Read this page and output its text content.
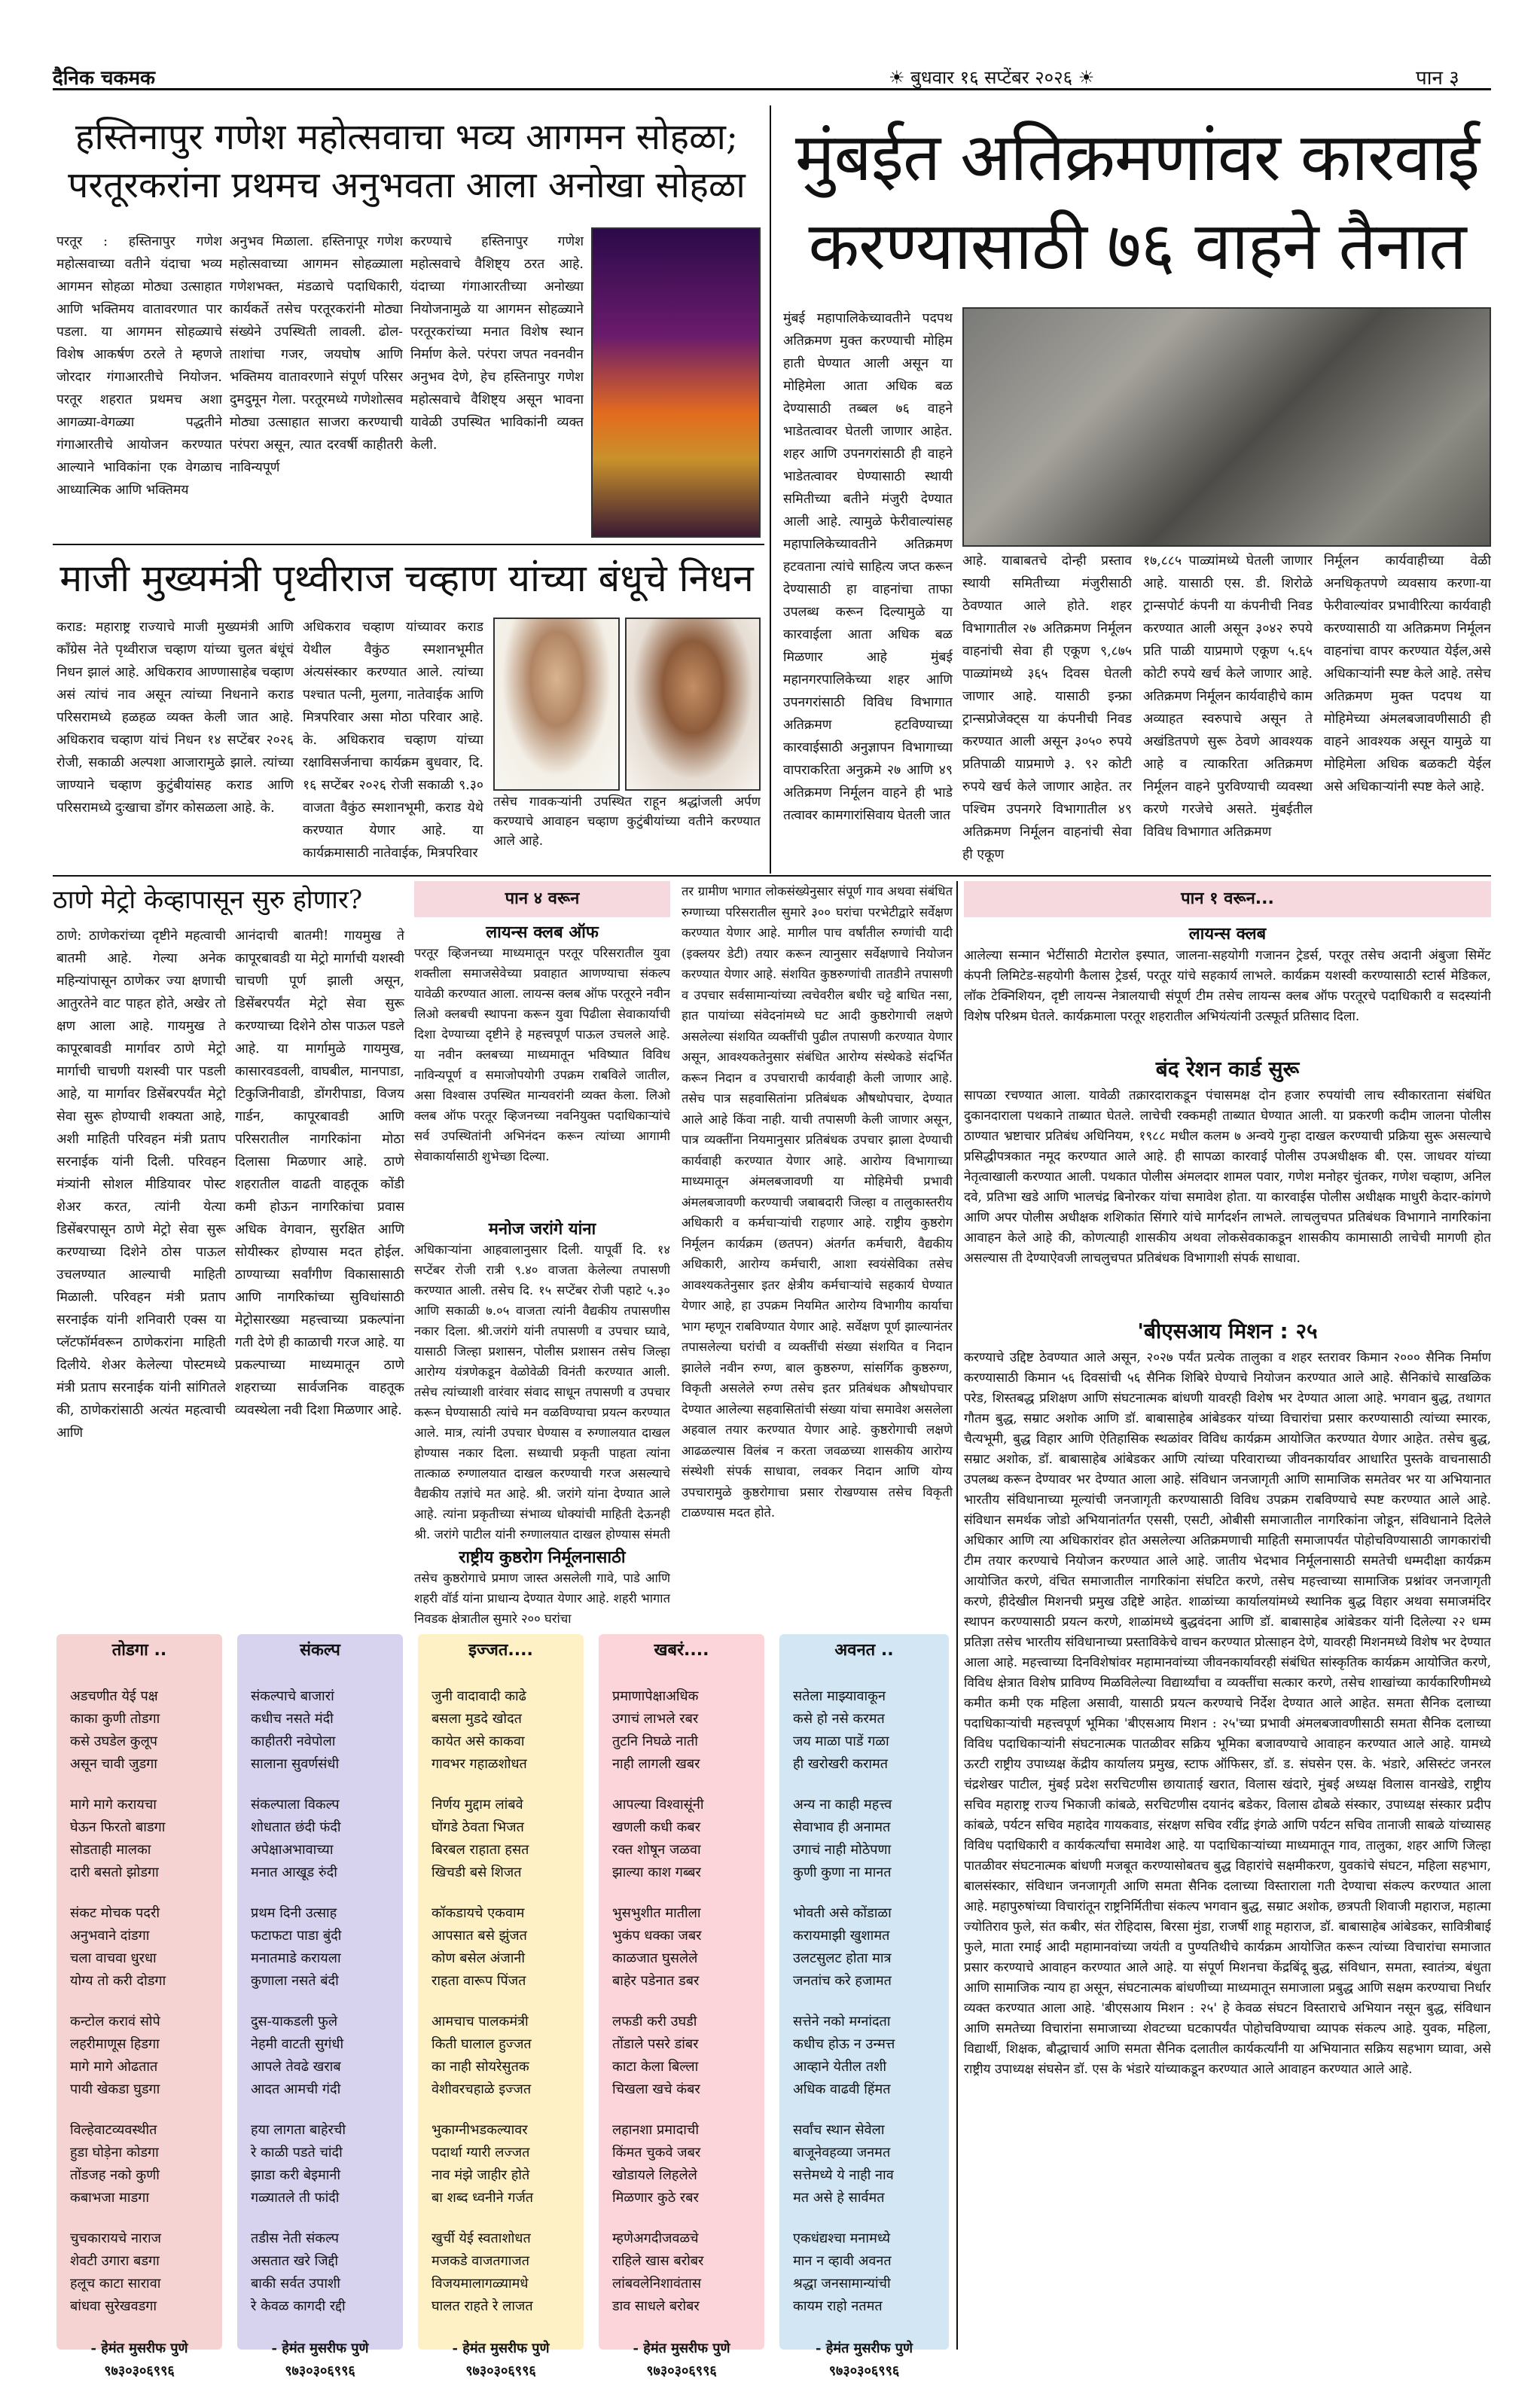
दैनिक चकमक	☀ बुधवार १६ सप्टेंबर २०२६ ☀	पान ३
हस्तिनापुर गणेश महोत्सवाचा भव्य आगमन सोहळा;
परतूरकरांना प्रथमच अनुभवता आला अनोखा सोहळा
परतूर : हस्तिनापुर गणेश महोत्सवाच्या वतीने यंदाचा भव्य आगमन सोहळा मोठ्या उत्साहात आणि भक्तिमय वातावरणात पार पडला. या आगमन सोहळ्याचे विशेष आकर्षण ठरले ते म्हणजे जोरदार गंगाआरतीचे नियोजन. परतूर शहरात प्रथमच अशा आगळ्या-वेगळ्या पद्धतीने गंगाआरतीचे आयोजन करण्यात आल्याने भाविकांना एक वेगळाच आध्यात्मिक आणि भक्तिमय
अनुभव मिळाला. हस्तिनापूर गणेश महोत्सवाच्या आगमन सोहळ्याला गणेशभक्त, मंडळाचे पदाधिकारी, कार्यकर्ते तसेच परतूरकरांनी मोठ्या संख्येने उपस्थिती लावली. ढोल-ताशांचा गजर, जयघोष आणि भक्तिमय वातावरणाने संपूर्ण परिसर दुमदुमून गेला. परतूरमध्ये गणेशोत्सव मोठ्या उत्साहात साजरा करण्याची परंपरा असून, त्यात दरवर्षी काहीतरी नाविन्यपूर्ण
करण्याचे हस्तिनापुर गणेश महोत्सवाचे वैशिष्ट्य ठरत आहे. यंदाच्या गंगाआरतीच्या अनोख्या नियोजनामुळे या आगमन सोहळ्याने परतूरकरांच्या मनात विशेष स्थान निर्माण केले. परंपरा जपत नवनवीन अनुभव देणे, हेच हस्तिनापुर गणेश महोत्सवाचे वैशिष्ट्य असून भावना यावेळी उपस्थित भाविकांनी व्यक्त केली.
मुंबईत अतिक्रमणांवर कारवाई करण्यासाठी ७६ वाहने तैनात
मुंबई महापालिकेच्यावतीने पदपथ अतिक्रमण मुक्त करण्याची मोहिम हाती घेण्यात आली असून या मोहिमेला आता अधिक बळ देण्यासाठी तब्बल ७६ वाहने भाडेतत्वावर घेतली जाणार आहेत. शहर आणि उपनगरांसाठी ही वाहने भाडेतत्वावर घेण्यासाठी स्थायी समितीच्या बतीने मंजुरी देण्यात आली आहे. त्यामुळे फेरीवाल्यांसह महापालिकेच्यावतीने अतिक्रमण हटवताना त्यांचे साहित्य जप्त करून देण्यासाठी हा वाहनांचा ताफा उपलब्ध करून दिल्यामुळे या कारवाईला आता अधिक बळ मिळणार आहे मुंबई महानगरपालिकेच्या शहर आणि उपनगरांसाठी विविध विभागात अतिक्रमण हटविण्याच्या कारवाईसाठी अनुज्ञापन विभागाच्या वापराकरिता अनुक्रमे २७ आणि ४९ अतिक्रमण निर्मूलन वाहने ही भाडे तत्वावर कामगारांसिवाय घेतली जात
आहे. याबाबतचे दोन्ही प्रस्ताव स्थायी समितीच्या मंजुरीसाठी ठेवण्यात आले होते. शहर विभागातील २७ अतिक्रमण निर्मूलन वाहनांची सेवा ही एकूण ९,८७५ पाळ्यांमध्ये ३६५ दिवस घेतली जाणार आहे. यासाठी इन्फ्रा ट्रान्सप्रोजेक्ट्स या कंपनीची निवड करण्यात आली असून ३०५० रुपये प्रतिपाळी याप्रमाणे ३. ९२ कोटी रुपये खर्च केले जाणार आहेत. तर पश्चिम उपनगरे विभागातील ४९ अतिक्रमण निर्मूलन वाहनांची सेवा ही एकूण
१७,८८५ पाळ्यांमध्ये घेतली जाणार आहे. यासाठी एस. डी. शिरोळे ट्रान्सपोर्ट कंपनी या कंपनीची निवड करण्यात आली असून ३०४२ रुपये प्रति पाळी याप्रमाणे एकूण ५.६५ कोटी रुपये खर्च केले जाणार आहे. अतिक्रमण निर्मूलन कार्यवाहीचे काम अव्याहत स्वरुपाचे असून ते अखंडितपणे सुरू ठेवणे आवश्यक आहे व त्याकरिता अतिक्रमण निर्मूलन वाहने पुरविण्याची व्यवस्था करणे गरजेचे असते. मुंबईतील विविध विभागात अतिक्रमण
निर्मूलन कार्यवाहीच्या वेळी अनधिकृतपणे व्यवसाय करणा-या फेरीवाल्यांवर प्रभावीरित्या कार्यवाही करण्यासाठी या अतिक्रमण निर्मूलन वाहनांचा वापर करण्यात येईल,असे अधिकाऱ्यांनी स्पष्ट केले आहे. तसेच अतिक्रमण मुक्त पदपथ या मोहिमेच्या अंमलबजावणीसाठी ही वाहने आवश्यक असून यामुळे या मोहिमेला अधिक बळकटी येईल असे अधिकाऱ्यांनी स्पष्ट केले आहे.
माजी मुख्यमंत्री पृथ्वीराज चव्हाण यांच्या बंधूचे निधन
कराड: महाराष्ट्र राज्याचे माजी मुख्यमंत्री आणि काँग्रेस नेते पृथ्वीराज चव्हाण यांच्या चुलत बंधूंचं निधन झालं आहे. अधिकराव आण्णासाहेब चव्हाण असं त्यांचं नाव असून त्यांच्या निधनाने कराड परिसरामध्ये हळहळ व्यक्त केली जात आहे. अधिकराव चव्हाण यांचं निधन १४ सप्टेंबर २०२६ रोजी, सकाळी अल्पशा आजारामुळे झाले. त्यांच्या जाण्याने चव्हाण कुटुंबीयांसह कराड आणि परिसरामध्ये दुःखाचा डोंगर कोसळला आहे. के.
अधिकराव चव्हाण यांच्यावर कराड येथील वैकुंठ स्मशानभूमीत अंत्यसंस्कार करण्यात आले. त्यांच्या पश्चात पत्नी, मुलगा, नातेवाईक आणि मित्रपरिवार असा मोठा परिवार आहे. के. अधिकराव चव्हाण यांच्या रक्षाविसर्जनाचा कार्यक्रम बुधवार, दि. १६ सप्टेंबर २०२६ रोजी सकाळी ९.३० वाजता वैकुंठ स्मशानभूमी, कराड येथे करण्यात येणार आहे. या कार्यक्रमासाठी नातेवाईक, मित्रपरिवार
तसेच गावकऱ्यांनी उपस्थित राहून श्रद्धांजली अर्पण करण्याचे आवाहन चव्हाण कुटुंबीयांच्या वतीने करण्यात आले आहे.
ठाणे मेट्रो केव्हापासून सुरु होणार?
ठाणे: ठाणेकरांच्या दृष्टीने महत्वाची बातमी आहे. गेल्या अनेक महिन्यांपासून ठाणेकर ज्या क्षणाची आतुरतेने वाट पाहत होते, अखेर तो क्षण आला आहे. गायमुख ते कापूरबावडी मार्गावर ठाणे मेट्रो मार्गाची चाचणी यशस्वी पार पडली आहे, या मार्गावर डिसेंबरपर्यंत मेट्रो सेवा सुरू होण्याची शक्यता आहे, अशी माहिती परिवहन मंत्री प्रताप सरनाईक यांनी दिली. परिवहन मंत्र्यांनी सोशल मीडियावर पोस्ट शेअर करत, त्यांनी येत्या डिसेंबरपासून ठाणे मेट्रो सेवा सुरू करण्याच्या दिशेने ठोस पाऊल उचलण्यात आल्याची माहिती मिळाली. परिवहन मंत्री प्रताप सरनाईक यांनी शनिवारी एक्स या प्लॅटफॉर्मवरून ठाणेकरांना माहिती दिलीये. शेअर केलेल्या पोस्टमध्ये मंत्री प्रताप सरनाईक यांनी सांगितले की, ठाणेकरांसाठी अत्यंत महत्वाची आणि
आनंदाची बातमी! गायमुख ते कापूरबावडी या मेट्रो मार्गाची यशस्वी चाचणी पूर्ण झाली असून, डिसेंबरपर्यंत मेट्रो सेवा सुरू करण्याच्या दिशेने ठोस पाऊल पडले आहे. या मार्गामुळे गायमुख, कासारवडवली, वाघबील, मानपाडा, टिकुजिनीवाडी, डोंगरीपाडा, विजय गार्डन, कापूरबावडी आणि परिसरातील नागरिकांना मोठा दिलासा मिळणार आहे. ठाणे शहरातील वाढती वाहतूक कोंडी कमी होऊन नागरिकांचा प्रवास अधिक वेगवान, सुरक्षित आणि सोयीस्कर होण्यास मदत होईल. ठाण्याच्या सर्वांगीण विकासासाठी आणि नागरिकांच्या सुविधांसाठी मेट्रोसारख्या महत्त्वाच्या प्रकल्पांना गती देणे ही काळाची गरज आहे. या प्रकल्पाच्या माध्यमातून ठाणे शहराच्या सार्वजनिक वाहतूक व्यवस्थेला नवी दिशा मिळणार आहे.
पान ४ वरून
लायन्स क्लब ऑफ
परतूर व्हिजनच्या माध्यमातून परतूर परिसरातील युवा शक्तीला समाजसेवेच्या प्रवाहात आणण्याचा संकल्प यावेळी करण्यात आला. लायन्स क्लब ऑफ परतूरने नवीन लिओ क्लबची स्थापना करून युवा पिढीला सेवाकार्याची दिशा देण्याच्या दृष्टीने हे महत्त्वपूर्ण पाऊल उचलले आहे. या नवीन क्लबच्या माध्यमातून भविष्यात विविध नाविन्यपूर्ण व समाजोपयोगी उपक्रम राबविले जातील, असा विश्वास उपस्थित मान्यवरांनी व्यक्त केला. लिओ क्लब ऑफ परतूर व्हिजनच्या नवनियुक्त पदाधिकाऱ्यांचे सर्व उपस्थितांनी अभिनंदन करून त्यांच्या आगामी सेवाकार्यासाठी शुभेच्छा दिल्या.
मनोज जरांगे यांना
अधिकाऱ्यांना आहवालानुसार दिली. यापूर्वी दि. १४ सप्टेंबर रोजी रात्री ९.४० वाजता केलेल्या तपासणी करण्यात आली. तसेच दि. १५ सप्टेंबर रोजी पहाटे ५.३० आणि सकाळी ७.०५ वाजता त्यांनी वैद्यकीय तपासणीस नकार दिला. श्री.जरांगे यांनी तपासणी व उपचार घ्यावे, यासाठी जिल्हा प्रशासन, पोलीस प्रशासन तसेच जिल्हा आरोग्य यंत्रणेकडून वेळोवेळी विनंती करण्यात आली. तसेच त्यांच्याशी वारंवार संवाद साधून तपासणी व उपचार करून घेण्यासाठी त्यांचे मन वळविण्याचा प्रयत्न करण्यात आले. मात्र, त्यांनी उपचार घेण्यास व रुग्णालयात दाखल होण्यास नकार दिला. सध्याची प्रकृती पाहता त्यांना तात्काळ रुग्णालयात दाखल करण्याची गरज असल्याचे वैद्यकीय तज्ञांचे मत आहे. श्री. जरांगे यांना देण्यात आले आहे. त्यांना प्रकृतीच्या संभाव्य धोक्यांची माहिती देऊनही श्री. जरांगे पाटील यांनी रुग्णालयात दाखल होण्यास संमती
राष्ट्रीय कुष्ठरोग निर्मूलनासाठी
तसेच कुष्ठरोगाचे प्रमाण जास्त असलेली गावे, पाडे आणि शहरी वॉर्ड यांना प्राधान्य देण्यात येणार आहे. शहरी भागात निवडक क्षेत्रातील सुमारे २०० घरांचा
तर ग्रामीण भागात लोकसंख्येनुसार संपूर्ण गाव अथवा संबंधित रुग्णाच्या परिसरातील सुमारे ३०० घरांचा परभेटीद्वारे सर्वेक्षण करण्यात येणार आहे. मागील पाच वर्षांतील रुग्णांची यादी (इक्लयर डेटी) तयार करून त्यानुसार सर्वेक्षणाचे नियोजन करण्यात येणार आहे. संशयित कुष्ठरुग्णांची तातडीने तपासणी व उपचार सर्वसामान्यांच्या त्वचेवरील बधीर चट्टे बाधित नसा, हात पायांच्या संवेदनांमध्ये घट आदी कुष्ठरोगाची लक्षणे असलेल्या संशयित व्यक्तींची पुढील तपासणी करण्यात येणार असून, आवश्यकतेनुसार संबंधित आरोग्य संस्थेकडे संदर्भित करून निदान व उपचाराची कार्यवाही केली जाणार आहे. तसेच पात्र सहवासितांना प्रतिबंधक औषधोपचार, देण्यात आले आहे किंवा नाही. याची तपासणी केली जाणार असून, पात्र व्यक्तींना नियमानुसार प्रतिबंधक उपचार झाला देण्याची कार्यवाही करण्यात येणार आहे. आरोग्य विभागाच्या माध्यमातून अंमलबजावणी या मोहिमेची प्रभावी अंमलबजावणी करण्याची जबाबदारी जिल्हा व तालुकास्तरीय अधिकारी व कर्मचाऱ्यांची राहणार आहे. राष्ट्रीय कुष्ठरोग निर्मूलन कार्यक्रम (छतपन) अंतर्गत कर्मचारी, वैद्यकीय अधिकारी, आरोग्य कर्मचारी, आशा स्वयंसेविका तसेच आवश्यकतेनुसार इतर क्षेत्रीय कर्मचाऱ्यांचे सहकार्य घेण्यात येणार आहे, हा उपक्रम नियमित आरोग्य विभागीय कार्याचा भाग म्हणून राबविण्यात येणार आहे. सर्वेक्षण पूर्ण झाल्यानंतर तपासलेल्या घरांची व व्यक्तींची संख्या संशयित व निदान झालेले नवीन रुग्ण, बाल कुष्ठरुग्ण, सांसर्गिक कुष्ठरुग्ण, विकृती असलेले रुग्ण तसेच इतर प्रतिबंधक औषधोपचार देण्यात आलेल्या सहवासितांची संख्या यांचा समावेश असलेला अहवाल तयार करण्यात येणार आहे. कुष्ठरोगाची लक्षणे आढळल्यास विलंब न करता जवळच्या शासकीय आरोग्य संस्थेशी संपर्क साधावा, लवकर निदान आणि योग्य उपचारामुळे कुष्ठरोगाचा प्रसार रोखण्यास तसेच विकृती टाळण्यास मदत होते.
पान १ वरून...
लायन्स क्लब
आलेल्या सन्मान भेटींसाठी मेटारोल इस्पात, जालना-सहयोगी गजानन ट्रेडर्स, परतूर तसेच अदानी अंबुजा सिमेंट कंपनी लिमिटेड-सहयोगी कैलास ट्रेडर्स, परतूर यांचे सहकार्य लाभले. कार्यक्रम यशस्वी करण्यासाठी स्टार्स मेडिकल, लॉक टेक्निशियन, दृष्टी लायन्स नेत्रालयाची संपूर्ण टीम तसेच लायन्स क्लब ऑफ परतूरचे पदाधिकारी व सदस्यांनी विशेष परिश्रम घेतले. कार्यक्रमाला परतूर शहरातील अभियंत्यांनी उत्स्फूर्त प्रतिसाद दिला.
बंद रेशन कार्ड सुरू
सापळा रचण्यात आला. यावेळी तक्रारदाराकडून पंचासमक्ष दोन हजार रुपयांची लाच स्वीकारताना संबंधित दुकानदाराला पथकाने ताब्यात घेतले. लाचेची रक्कमही ताब्यात घेण्यात आली. या प्रकरणी कदीम जालना पोलीस ठाण्यात भ्रष्टाचार प्रतिबंध अधिनियम, १९८८ मधील कलम ७ अन्वये गुन्हा दाखल करण्याची प्रक्रिया सुरू असल्याचे प्रसिद्धीपत्रकात नमूद करण्यात आले आहे. ही सापळा कारवाई पोलीस उपअधीक्षक बी. एस. जाधवर यांच्या नेतृत्वाखाली करण्यात आली. पथकात पोलीस अंमलदार शामल पवार, गणेश मनोहर चुंतकर, गणेश चव्हाण, अनिल दवे, प्रतिभा खडे आणि भालचंद्र बिनोरकर यांचा समावेश होता. या कारवाईस पोलीस अधीक्षक माधुरी केदार-कांगणे आणि अपर पोलीस अधीक्षक शशिकांत सिंगारे यांचे मार्गदर्शन लाभले. लाचलुचपत प्रतिबंधक विभागाने नागरिकांना आवाहन केले आहे की, कोणत्याही शासकीय अथवा लोकसेवकाकडून शासकीय कामासाठी लाचेची मागणी होत असल्यास ती देण्याऐवजी लाचलुचपत प्रतिबंधक विभागाशी संपर्क साधावा.
'बीएसआय मिशन : २५
करण्याचे उद्दिष्ट ठेवण्यात आले असून, २०२७ पर्यंत प्रत्येक तालुका व शहर स्तरावर किमान २००० सैनिक निर्माण करण्यासाठी किमान ५६ दिवसांची ५६ सैनिक शिबिरे घेण्याचे नियोजन करण्यात आले आहे. सैनिकांचे साखळिक परेड, शिस्तबद्ध प्रशिक्षण आणि संघटनात्मक बांधणी यावरही विशेष भर देण्यात आला आहे. भगवान बुद्ध, तथागत गौतम बुद्ध, सम्राट अशोक आणि डॉ. बाबासाहेब आंबेडकर यांच्या विचारांचा प्रसार करण्यासाठी त्यांच्या स्मारक, चैत्यभूमी, बुद्ध विहार आणि ऐतिहासिक स्थळांवर विविध कार्यक्रम आयोजित करण्यात येणार आहेत. तसेच बुद्ध, सम्राट अशोक, डॉ. बाबासाहेब आंबेडकर आणि त्यांच्या परिवाराच्या जीवनकार्यावर आधारित पुस्तके वाचनासाठी उपलब्ध करून देण्यावर भर देण्यात आला आहे. संविधान जनजागृती आणि सामाजिक समतेवर भर या अभियानात भारतीय संविधानाच्या मूल्यांची जनजागृती करण्यासाठी विविध उपक्रम राबविण्याचे स्पष्ट करण्यात आले आहे. संविधान समर्थक जोडो अभियानांतर्गत एससी, एसटी, ओबीसी समाजातील नागरिकांना जोडून, संविधानाने दिलेले अधिकार आणि त्या अधिकारांवर होत असलेल्या अतिक्रमणाची माहिती समाजापर्यंत पोहोचविण्यासाठी जागकारांची टीम तयार करण्याचे नियोजन करण्यात आले आहे. जातीय भेदभाव निर्मूलनासाठी समतेची धम्मदीक्षा कार्यक्रम आयोजित करणे, वंचित समाजातील नागरिकांना संघटित करणे, तसेच महत्त्वाच्या सामाजिक प्रश्नांवर जनजागृती करणे, हीदेखील मिशनची प्रमुख उद्दिष्टे आहेत. शाळांच्या कार्यालयांमध्ये स्थानिक बुद्ध विहार अथवा समाजमंदिर स्थापन करण्यासाठी प्रयत्न करणे, शाळांमध्ये बुद्धवंदना आणि डॉ. बाबासाहेब आंबेडकर यांनी दिलेल्या २२ धम्म प्रतिज्ञा तसेच भारतीय संविधानाच्या प्रस्ताविकेचे वाचन करण्यात प्रोत्साहन देणे, यावरही मिशनमध्ये विशेष भर देण्यात आला आहे. महत्त्वाच्या दिनविशेषांवर महामानवांच्या जीवनकार्यावरही संबंधित सांस्कृतिक कार्यक्रम आयोजित करणे, विविध क्षेत्रात विशेष प्राविण्य मिळविलेल्या विद्यार्थ्यांचा व व्यक्तींचा सत्कार करणे, तसेच शाखांच्या कार्यकारिणीमध्ये कमीत कमी एक महिला असावी, यासाठी प्रयत्न करण्याचे निर्देश देण्यात आले आहेत. समता सैनिक दलाच्या पदाधिकाऱ्यांची महत्त्वपूर्ण भूमिका 'बीएसआय मिशन : २५'च्या प्रभावी अंमलबजावणीसाठी समता सैनिक दलाच्या विविध पदाधिकाऱ्यांनी संघटनात्मक पातळीवर सक्रिय भूमिका बजावण्याचे आवाहन करण्यात आले आहे. यामध्ये ऊरटी राष्ट्रीय उपाध्यक्ष केंद्रीय कार्यालय प्रमुख, स्टाफ ऑफिसर, डॉ. ड. संघसेन एस. के. भंडारे, असिस्टंट जनरल चंद्रशेखर पाटील, मुंबई प्रदेश सरचिटणीस छायाताई खरात, विलास खंदारे, मुंबई अध्यक्ष विलास वानखेडे, राष्ट्रीय सचिव महाराष्ट्र राज्य भिकाजी कांबळे, सरचिटणीस दयानंद बडेकर, विलास ढोबळे संस्कार, उपाध्यक्ष संस्कार प्रदीप कांबळे, पर्यटन सचिव महादेव गायकवाड, संरक्षण सचिव रवींद्र इंगळे आणि पर्यटन सचिव तानाजी साबळे यांच्यासह विविध पदाधिकारी व कार्यकर्त्यांचा समावेश आहे. या पदाधिकाऱ्यांच्या माध्यमातून गाव, तालुका, शहर आणि जिल्हा पातळीवर संघटनात्मक बांधणी मजबूत करण्यासोबतच बुद्ध विहारांचे सक्षमीकरण, युवकांचे संघटन, महिला सहभाग, बालसंस्कार, संविधान जनजागृती आणि समता सैनिक दलाच्या विस्ताराला गती देण्याचा संकल्प करण्यात आला आहे. महापुरुषांच्या विचारांतून राष्ट्रनिर्मितीचा संकल्प भगवान बुद्ध, सम्राट अशोक, छत्रपती शिवाजी महाराज, महात्मा ज्योतिराव फुले, संत कबीर, संत रोहिदास, बिरसा मुंडा, राजर्षी शाहू महाराज, डॉ. बाबासाहेब आंबेडकर, सावित्रीबाई फुले, माता रमाई आदी महामानवांच्या जयंती व पुण्यतिथीचे कार्यक्रम आयोजित करून त्यांच्या विचारांचा समाजात प्रसार करण्याचे आवाहन करण्यात आले आहे. या संपूर्ण मिशनचा केंद्रबिंदू बुद्ध, संविधान, समता, स्वातंत्र्य, बंधुता आणि सामाजिक न्याय हा असून, संघटनात्मक बांधणीच्या माध्यमातून समाजाला प्रबुद्ध आणि सक्षम करण्याचा निर्धार व्यक्त करण्यात आला आहे. 'बीएसआय मिशन : २५' हे केवळ संघटन विस्ताराचे अभियान नसून बुद्ध, संविधान आणि समतेच्या विचारांना समाजाच्या शेवटच्या घटकापर्यंत पोहोचविण्याचा व्यापक संकल्प आहे. युवक, महिला, विद्यार्थी, शिक्षक, बौद्धाचार्य आणि समता सैनिक दलातील कार्यकर्त्यांनी या अभियानात सक्रिय सहभाग घ्यावा, असे राष्ट्रीय उपाध्यक्ष संघसेन डॉ. एस के भंडारे यांच्याकडून करण्यात आले आवाहन करण्यात आले आहे.
तोडगा ..
अडचणीत येई पक्ष
काका कुणी तोडगा
कसे उघडेल कुलूप
असून चावी जुडगा
मागे मागे करायचा
घेऊन फिरतो बाडगा
सोडताही मालका
दारी बसतो झोडगा
संकट मोचक पदरी
अनुभवाने दांडगा
चला वाचवा धुरधा
योग्य तो करी दोडगा
कन्टोल करावं सोपे
लहरीमाणूस हिडगा
मागे मागे ओढतात
पायी खेकडा घुडगा
विल्हेवाटव्यवस्थीत
हुडा घोड़ेना कोडगा
तोंडजह नको कुणी
कबाभजा माडगा
चुचकारायचे नाराज
शेवटी उगारा बडगा
हलूच काटा सारावा
बांधवा सुरेखवडगा
- हेमंत मुसरीफ पुणे
९७३०३०६९९६
संकल्प
संकल्पाचे बाजारां
कधीच नसते मंदी
काहीतरी नवेपोला
सालाना सुवर्णसंधी
संकल्पाला विकल्प
शोधतात छंदी फंदी
अपेक्षाअभावाच्या
मनात आखूड रुंदी
प्रथम दिनी उत्साह
फटाफटा पाडा बुंदी
मनातमाडे करायला
कुणाला नसते बंदी
दुस-याकडली फुले
नेहमी वाटती सुगंधी
आपले तेवढे खराब
आदत आमची गंदी
हया लागता बाहेरची
रे काळी पडते चांदी
झाडा करी बेइमानी
गळ्यातले ती फांदी
तडीस नेती संकल्प
असतात खरे जिद्दी
बाकी सर्वत उपाशी
रे केवळ कागदी रद्दी
- हेमंत मुसरीफ पुणे
९७३०३०६९९६
इज्जत....
जुनी वादावादी काढे
बसला मुडदे खोदत
कायेत असे काकवा
गावभर गहाळशोधत
निर्णय मुद्दाम लांबवे
घोंगडे ठेवता भिजत
बिरबल राहाता हसत
खिचडी बसे शिजत
कॉकडायचे एकवाम
आपसात बसे झुंजत
कोण बसेल अंजानी
राहता वारूप पिंजत
आमचाच पालकमंत्री
किती घालाल हुज्जत
का नाही सोयरेसुतक
वेशीवरचहाळे इज्जत
भुकाग्नीभडकल्यावर
पदार्था ग्यारी लज्जत
नाव मंझे जाहीर होते
बा शब्द ध्वनीने गर्जत
खुर्ची येई स्वताशोधत
मजकडे वाजतगाजत
विजयमालागळ्यामधे
घालत राहते रे लाजत
- हेमंत मुसरीफ पुणे
९७३०३०६९९६
खबरं....
प्रमाणापेक्षाअधिक
उगाचं लाभले रबर
तुटनि निघळे नाती
नाही लागली खबर
आपल्या विश्वासूंनी
खणली कधी कबर
रक्त शोषून जळवा
झाल्या काश गब्बर
भुसभुशीत मातीला
भुकंप धक्का जबर
काळजात घुसलेले
बाहेर पडेनात डबर
लफडी करी उघडी
तोंडाले पसरे डांबर
काटा केला बिल्ला
चिखला खचे कंबर
लहानशा प्रमादाची
किंमत चुकवे जबर
खोडायले लिहलेले
मिळणार कुठे रबर
म्हणेअगदीजवळचे
राहिले खास बरोबर
लांबवलेनिशावंतास
डाव साधले बरोबर
- हेमंत मुसरीफ पुणे
९७३०३०६९९६
अवनत ..
सतेला माझ्यावाकून
कसे हो नसे करमत
जय माळा पाडें गळा
ही खरोखरी करामत
अन्य ना काही महत्त्व
सेवाभाव ही अनामत
उगाचं नाही मोठेपणा
कुणी कुणा ना मानत
भोवती असे कोंडाळा
करायमाझी खुशामत
उलटसुलट होता मात्र
जनतांच करे हजामत
सत्तेने नको मग्नांदता
कधीच होऊ न उन्मत्त
आव्हाने येतील तशी
अधिक वाढवी हिंमत
सर्वांच स्थान सेवेला
बाजूनेवहव्या जनमत
सत्तेमध्ये ये नाही नाव
मत असे हे सार्वमत
एकधंद्यश्चा मनामध्ये
मान न व्हावी अवनत
श्रद्धा जनसामान्यांची
कायम राहो नतमत
- हेमंत मुसरीफ पुणे
९७३०३०६९९६
